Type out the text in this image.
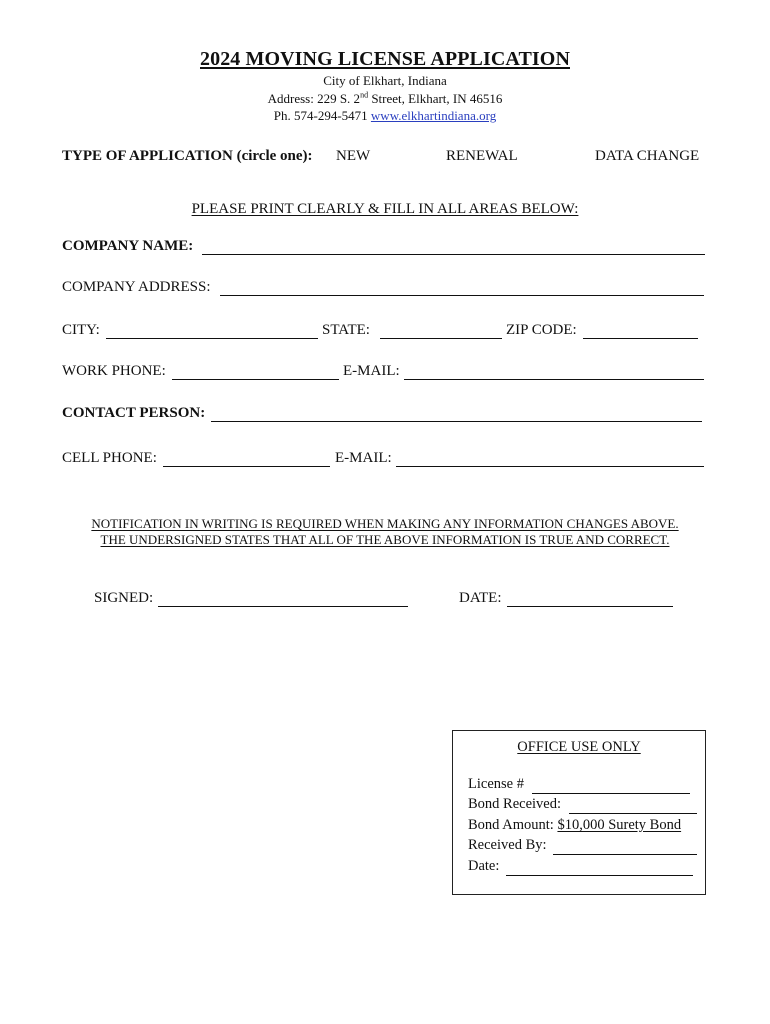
2024 MOVING LICENSE APPLICATION
City of Elkhart, Indiana
Address: 229 S. 2nd Street, Elkhart, IN 46516
Ph. 574-294-5471 www.elkhartindiana.org
TYPE OF APPLICATION (circle one): NEW	RENEWAL	DATA CHANGE
PLEASE PRINT CLEARLY & FILL IN ALL AREAS BELOW:
COMPANY NAME:
COMPANY ADDRESS:
CITY:	STATE:	ZIP CODE:
WORK PHONE:	E-MAIL:
CONTACT PERSON:
CELL PHONE:	E-MAIL:
NOTIFICATION IN WRITING IS REQUIRED WHEN MAKING ANY INFORMATION CHANGES ABOVE.
THE UNDERSIGNED STATES THAT ALL OF THE ABOVE INFORMATION IS TRUE AND CORRECT.
SIGNED:	DATE:
OFFICE USE ONLY
License #
Bond Received:
Bond Amount: $10,000 Surety Bond
Received By:
Date:
